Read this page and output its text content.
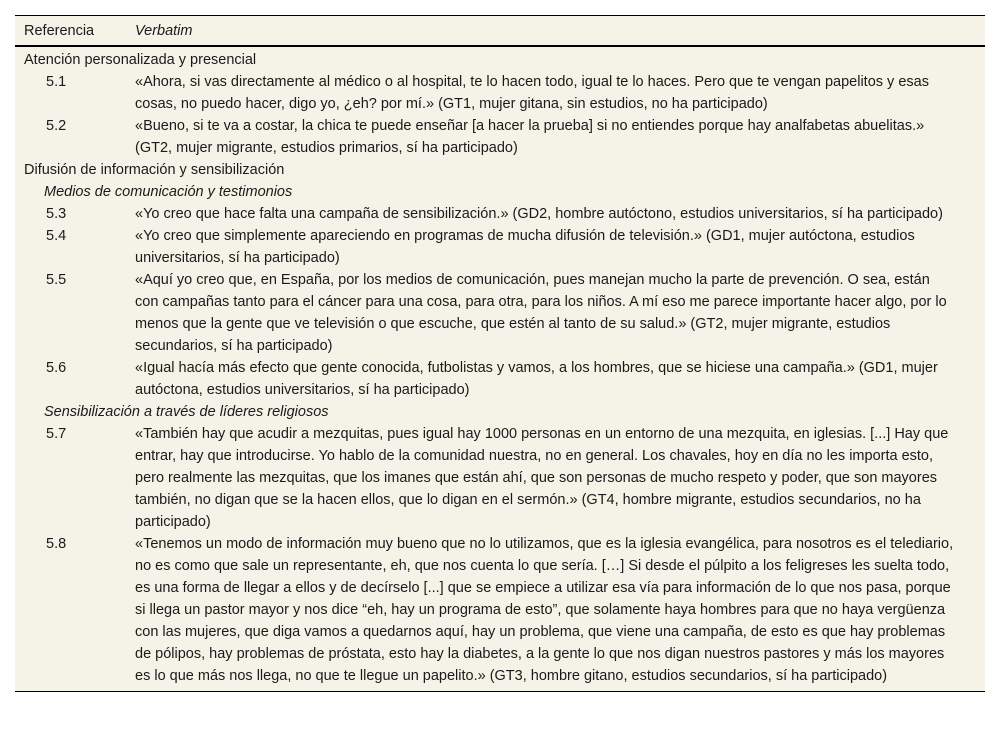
Referencia	Verbatim
Atención personalizada y presencial
5.1	«Ahora, si vas directamente al médico o al hospital, te lo hacen todo, igual te lo haces. Pero que te vengan papelitos y esas cosas, no puedo hacer, digo yo, ¿eh? por mí.» (GT1, mujer gitana, sin estudios, no ha participado)
5.2	«Bueno, si te va a costar, la chica te puede enseñar [a hacer la prueba] si no entiendes porque hay analfabetas abuelitas.» (GT2, mujer migrante, estudios primarios, sí ha participado)
Difusión de información y sensibilización
Medios de comunicación y testimonios
5.3	«Yo creo que hace falta una campaña de sensibilización.» (GD2, hombre autóctono, estudios universitarios, sí ha participado)
5.4	«Yo creo que simplemente apareciendo en programas de mucha difusión de televisión.» (GD1, mujer autóctona, estudios universitarios, sí ha participado)
5.5	«Aquí yo creo que, en España, por los medios de comunicación, pues manejan mucho la parte de prevención. O sea, están con campañas tanto para el cáncer para una cosa, para otra, para los niños. A mí eso me parece importante hacer algo, por lo menos que la gente que ve televisión o que escuche, que estén al tanto de su salud.» (GT2, mujer migrante, estudios secundarios, sí ha participado)
5.6	«Igual hacía más efecto que gente conocida, futbolistas y vamos, a los hombres, que se hiciese una campaña.» (GD1, mujer autóctona, estudios universitarios, sí ha participado)
Sensibilización a través de líderes religiosos
5.7	«También hay que acudir a mezquitas, pues igual hay 1000 personas en un entorno de una mezquita, en iglesias. [...] Hay que entrar, hay que introducirse. Yo hablo de la comunidad nuestra, no en general. Los chavales, hoy en día no les importa esto, pero realmente las mezquitas, que los imanes que están ahí, que son personas de mucho respeto y poder, que son mayores también, no digan que se la hacen ellos, que lo digan en el sermón.» (GT4, hombre migrante, estudios secundarios, no ha participado)
5.8	«Tenemos un modo de información muy bueno que no lo utilizamos, que es la iglesia evangélica, para nosotros es el telediario, no es como que sale un representante, eh, que nos cuenta lo que sería. […] Si desde el púlpito a los feligreses les suelta todo, es una forma de llegar a ellos y de decírselo [...] que se empiece a utilizar esa vía para información de lo que nos pasa, porque si llega un pastor mayor y nos dice “eh, hay un programa de esto”, que solamente haya hombres para que no haya vergüenza con las mujeres, que diga vamos a quedarnos aquí, hay un problema, que viene una campaña, de esto es que hay problemas de pólipos, hay problemas de próstata, esto hay la diabetes, a la gente lo que nos digan nuestros pastores y más los mayores es lo que más nos llega, no que te llegue un papelito.» (GT3, hombre gitano, estudios secundarios, sí ha participado)
